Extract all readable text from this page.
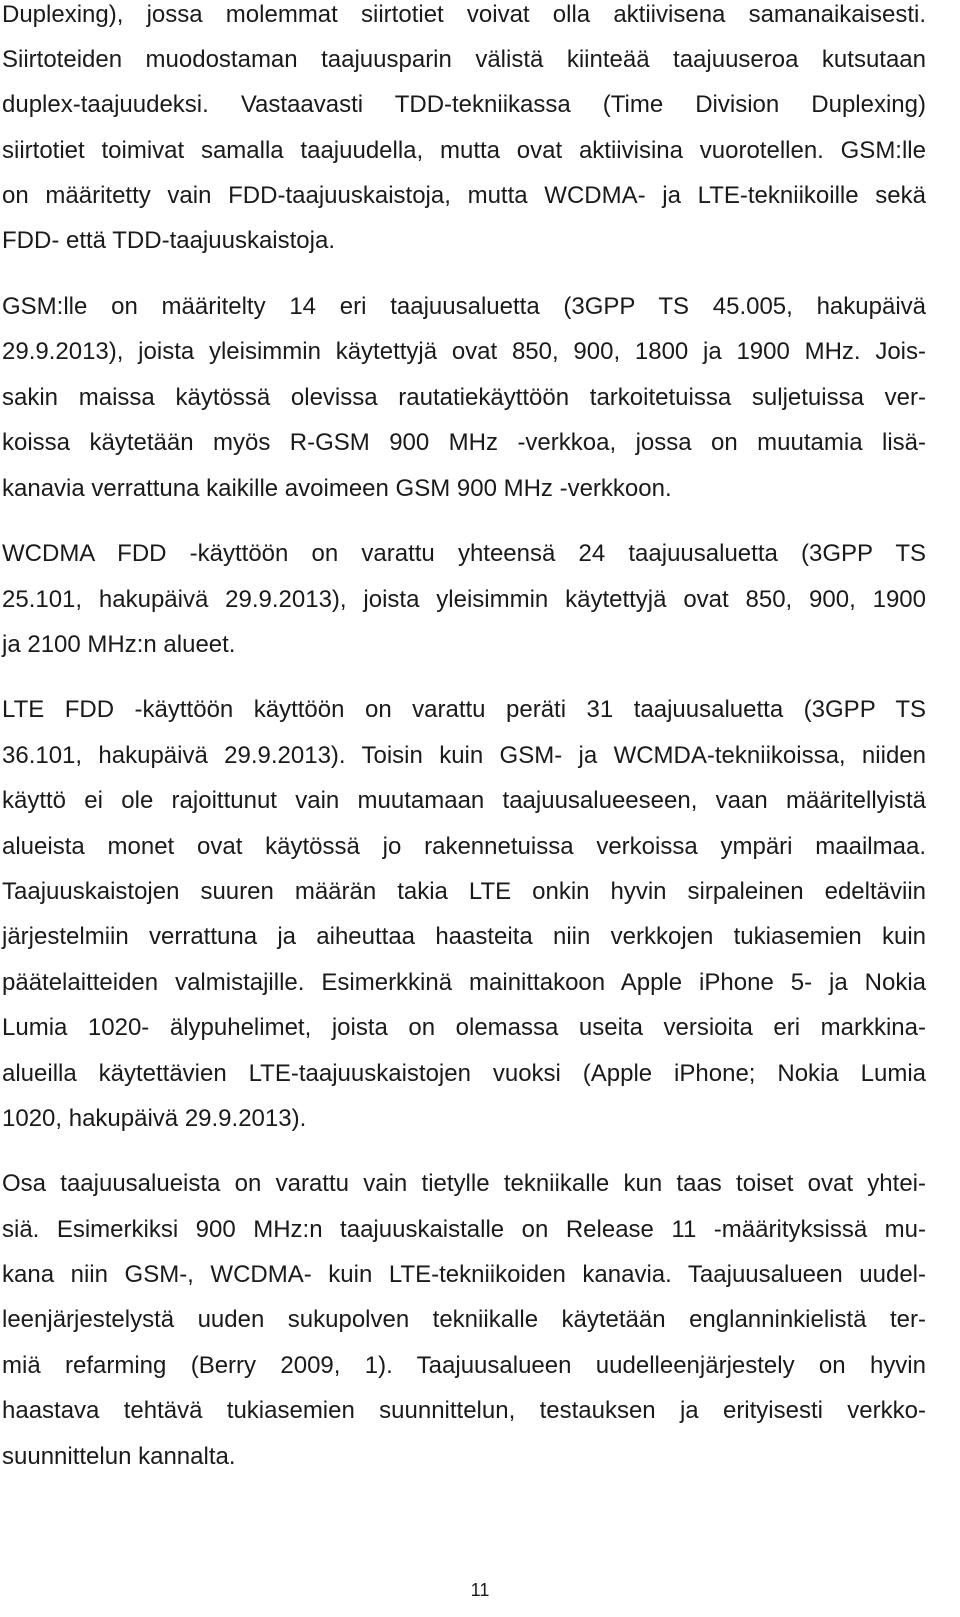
Duplexing), jossa molemmat siirtotiet voivat olla aktiivisena samanaikaisesti.
Siirtoteiden muodostaman taajuusparin välistä kiinteää taajuuseroa kutsutaan
duplex-taajuudeksi. Vastaavasti TDD-tekniikassa (Time Division Duplexing)
siirtotiet toimivat samalla taajuudella, mutta ovat aktiivisina vuorotellen. GSM:lle
on määritetty vain FDD-taajuuskaistoja, mutta WCDMA- ja LTE-tekniikoille sekä
FDD- että TDD-taajuuskaistoja.
GSM:lle on määritelty 14 eri taajuusaluetta (3GPP TS 45.005, hakupäivä
29.9.2013), joista yleisimmin käytettyjä ovat 850, 900, 1800 ja 1900 MHz. Jois-
sakin maissa käytössä olevissa rautatiekäyttöön tarkoitetuissa suljetuissa ver-
koissa käytetään myös R-GSM 900 MHz -verkkoa, jossa on muutamia lisä-
kanavia verrattuna kaikille avoimeen GSM 900 MHz -verkkoon.
WCDMA FDD -käyttöön on varattu yhteensä 24 taajuusaluetta (3GPP TS
25.101, hakupäivä 29.9.2013), joista yleisimmin käytettyjä ovat 850, 900, 1900
ja 2100 MHz:n alueet.
LTE FDD -käyttöön käyttöön on varattu peräti 31 taajuusaluetta (3GPP TS
36.101, hakupäivä 29.9.2013). Toisin kuin GSM- ja WCMDA-tekniikoissa, niiden
käyttö ei ole rajoittunut vain muutamaan taajuusalueeseen, vaan määritellyistä
alueista monet ovat käytössä jo rakennetuissa verkoissa ympäri maailmaa.
Taajuuskaistojen suuren määrän takia LTE onkin hyvin sirpaleinen edeltäviin
järjestelmiin verrattuna ja aiheuttaa haasteita niin verkkojen tukiasemien kuin
päätelaitteiden valmistajille. Esimerkkinä mainittakoon Apple iPhone 5- ja Nokia
Lumia 1020- älypuhelimet, joista on olemassa useita versioita eri markkina-
alueilla käytettävien LTE-taajuuskaistojen vuoksi (Apple iPhone; Nokia Lumia
1020, hakupäivä 29.9.2013).
Osa taajuusalueista on varattu vain tietylle tekniikalle kun taas toiset ovat yhtei-
siä. Esimerkiksi 900 MHz:n taajuuskaistalle on Release 11 -määrityksissä mu-
kana niin GSM-, WCDMA- kuin LTE-tekniikoiden kanavia. Taajuusalueen uudel-
leenjärjestelystä uuden sukupolven tekniikalle käytetään englanninkielistä ter-
miä refarming (Berry 2009, 1). Taajuusalueen uudelleenjärjestely on hyvin
haastava tehtävä tukiasemien suunnittelun, testauksen ja erityisesti verkko-
suunnittelun kannalta.
11
